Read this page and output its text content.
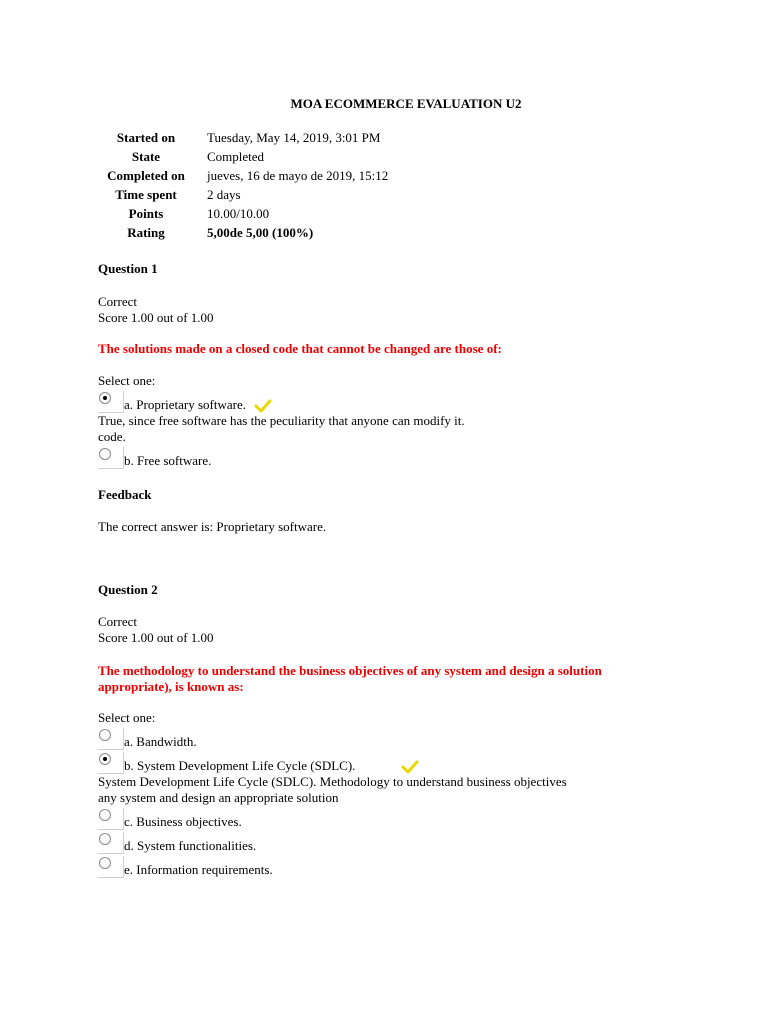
MOA ECOMMERCE EVALUATION U2
Started on	Tuesday, May 14, 2019, 3:01 PM
State	Completed
Completed on	jueves, 16 de mayo de 2019, 15:12
Time spent	2 days
Points	10.00/10.00
Rating	5,00de 5,00 (100%)
Question 1
Correct
Score 1.00 out of 1.00
The solutions made on a closed code that cannot be changed are those of:
Select one:
a. Proprietary software.
True, since free software has the peculiarity that anyone can modify it.
code.
b. Free software.
Feedback
The correct answer is: Proprietary software.
Question 2
Correct
Score 1.00 out of 1.00
The methodology to understand the business objectives of any system and design a solution
appropriate), is known as:
Select one:
a. Bandwidth.
b. System Development Life Cycle (SDLC).
System Development Life Cycle (SDLC). Methodology to understand business objectives
any system and design an appropriate solution
c. Business objectives.
d. System functionalities.
e. Information requirements.
